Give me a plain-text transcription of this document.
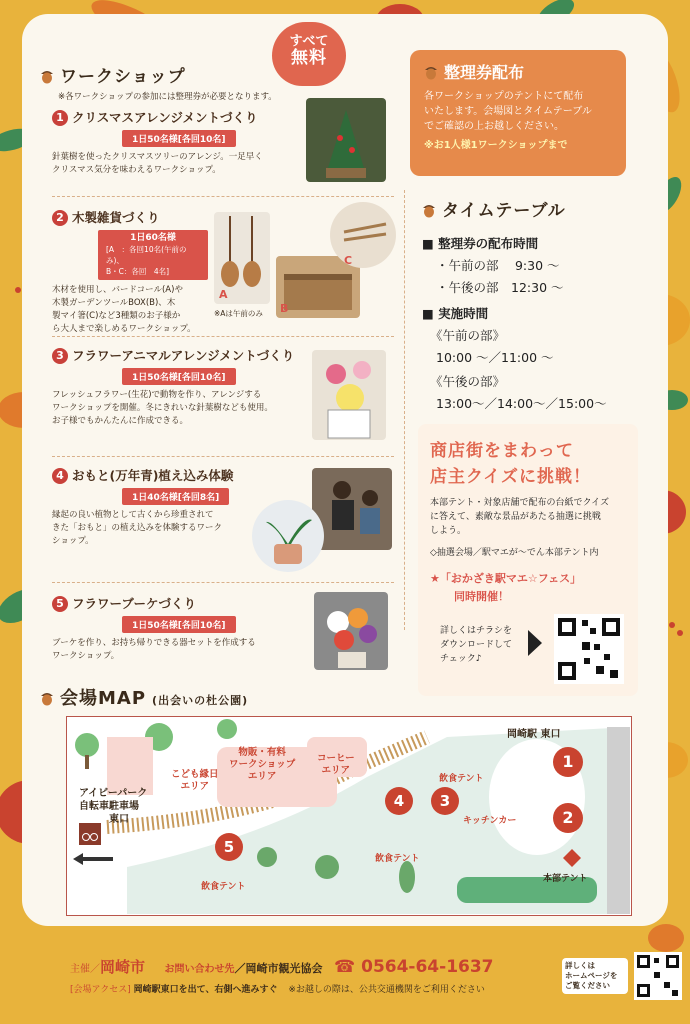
すべて
無料
ワークショップ
※各ワークショップの参加には整理券が必要となります。
1 クリスマスアレンジメントづくり
1日50名様[各回10名]
針葉樹を使ったクリスマスツリーのアレンジ。一足早く
クリスマス気分を味わえるワークショップ。
2 木製雑貨づくり
1日60名様
[A　：各回10名(午前のみ)、
B・C：各回　4名]
木材を使用し、バードコール(A)や
木製ガーデンツールBOX(B)、木
製マイ箸(C)など3種類のお子様か
ら大人まで楽しめるワークショップ。
A
※Aは午前のみ B
C
3 フラワーアニマルアレンジメントづくり
1日50名様[各回10名]
フレッシュフラワー(生花)で動物を作り、アレンジする
ワークショップを開催。冬にきれいな針葉樹なども使用。
お子様でもかんたんに作成できる。
4 おもと(万年青)植え込み体験
1日40名様[各回8名]
縁起の良い植物として古くから珍重されて
きた「おもと」の植え込みを体験するワーク
ショップ。
5 フラワーブーケづくり
1日50名様[各回10名]
ブーケを作り、お持ち帰りできる器セットを作成する
ワークショップ。
整理券配布
各ワークショップのテントにて配布
いたします。会場図とタイムテーブル
でご確認の上お越しください。
※お1人様1ワークショップまで
タイムテーブル
■ 整理券の配布時間
・午前の部　 9:30 ～
・午後の部　12:30 ～
■ 実施時間
《午前の部》
10:00 ～／11:00 ～
《午後の部》
13:00～／14:00～／15:00～
商店街をまわって
店主クイズに挑戦！
本部テント・対象店舗で配布の台紙でクイズ
に答えて、素敵な景品があたる抽選に挑戦
しよう。
◇抽選会場／駅マエが～でん本部テント内
★「おかざき駅マエ☆フェス」
同時開催！
詳しくはチラシを
ダウンロードして
チェック♪
会場MAP (出会いの杜公園)
岡崎駅 東口
アイビーパーク
自転車駐車場
東口
こども縁日
エリア
物販・有料
ワークショップ
エリア
コーヒー
エリア
飲食テント
飲食テント
飲食テント
キッチンカー
本部テント
1
2
3
4
5
主催／岡崎市 お問い合わせ先／岡崎市観光協会 ☎ 0564-64-1637
[会場アクセス] 岡崎駅東口を出て、右側へ進みすぐ ※お越しの際は、公共交通機関をご利用ください
詳しくは
ホームページを
ご覧ください
